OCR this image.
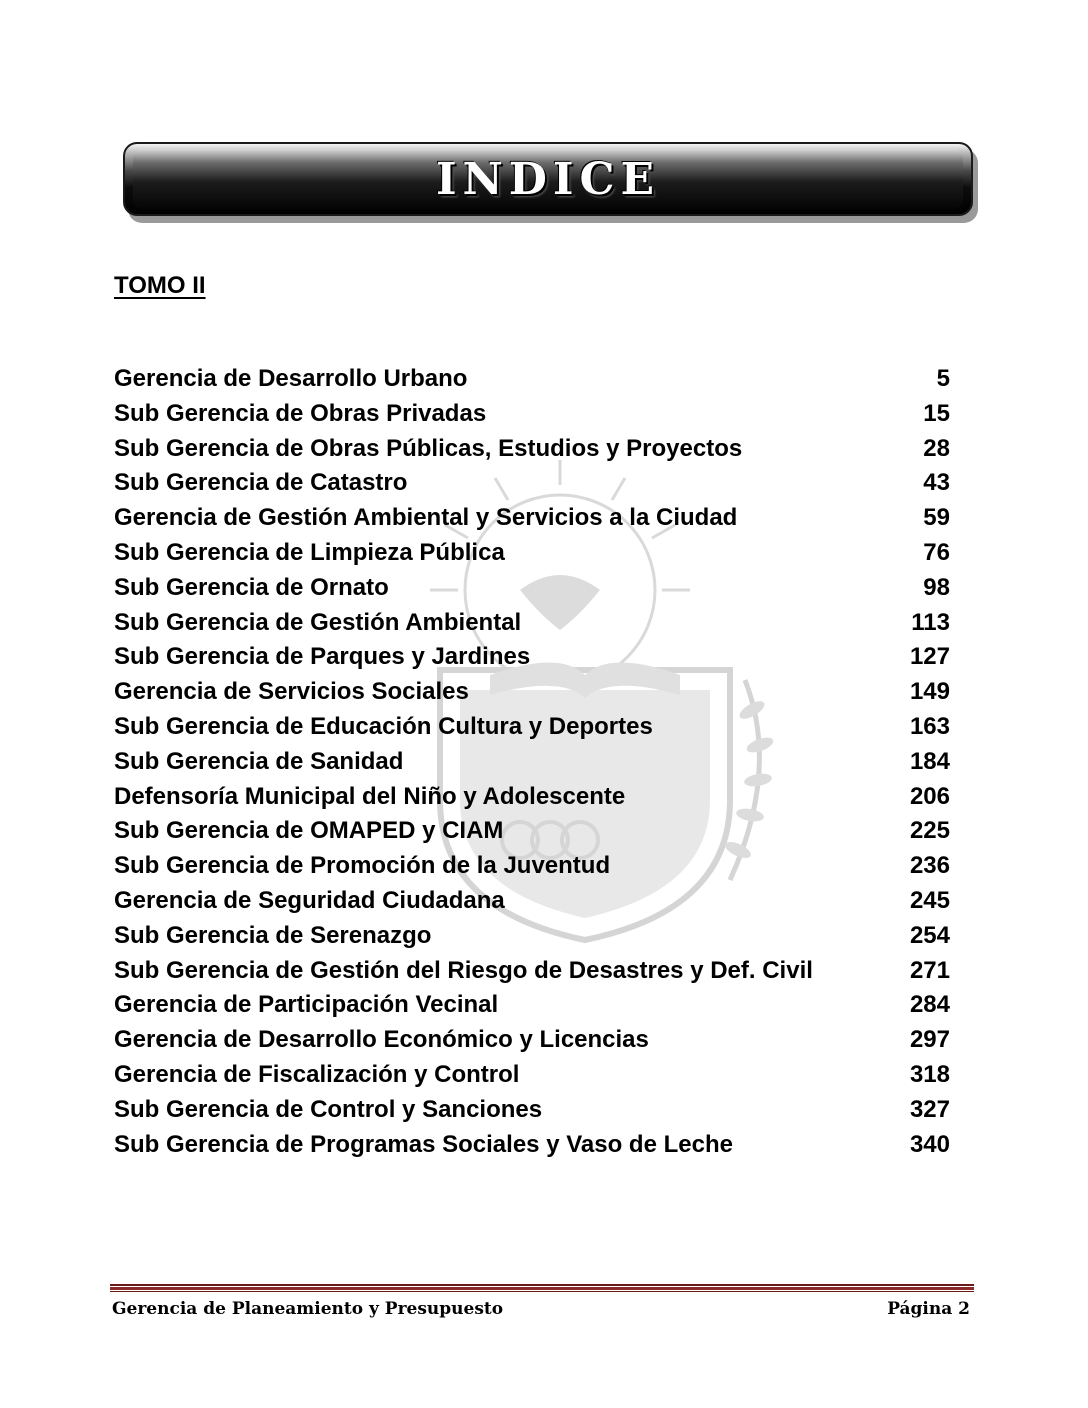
INDICE
TOMO II
Gerencia de Desarrollo Urbano	5
Sub Gerencia de Obras Privadas	15
Sub Gerencia de Obras Públicas, Estudios y Proyectos	28
Sub Gerencia de Catastro	43
Gerencia de Gestión Ambiental y Servicios a la Ciudad	59
Sub Gerencia de Limpieza Pública	76
Sub Gerencia de Ornato	98
Sub Gerencia de Gestión Ambiental	113
Sub Gerencia de Parques y Jardines	127
Gerencia de Servicios Sociales	149
Sub Gerencia de Educación Cultura y Deportes	163
Sub Gerencia de Sanidad	184
Defensoría Municipal del Niño y Adolescente	206
Sub Gerencia de OMAPED y CIAM	225
Sub Gerencia de Promoción de la Juventud	236
Gerencia de Seguridad Ciudadana	245
Sub Gerencia de Serenazgo	254
Sub Gerencia de Gestión del Riesgo de Desastres y Def. Civil	271
Gerencia de Participación Vecinal	284
Gerencia de Desarrollo Económico y Licencias	297
Gerencia de Fiscalización y Control	318
Sub Gerencia de Control y Sanciones	327
Sub Gerencia de Programas Sociales y Vaso de Leche	340
Gerencia de Planeamiento y Presupuesto	Página 2
